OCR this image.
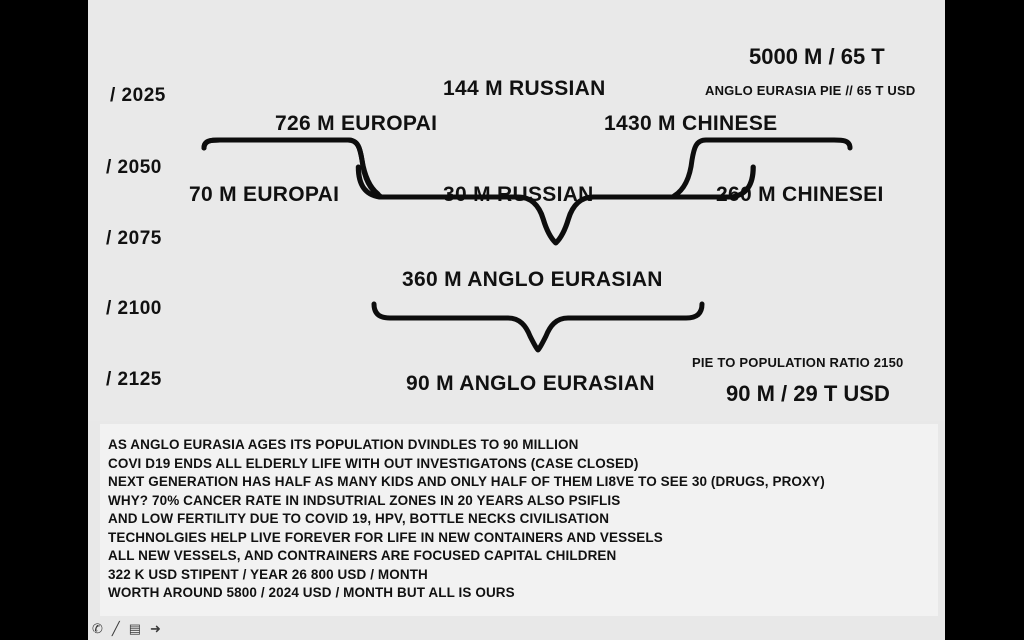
/ 2025
/ 2050
/ 2075
/ 2100
/ 2125
5000 M / 65 T
ANGLO EURASIA PIE // 65 T USD
144 M RUSSIAN
726 M EUROPAI	1430 M CHINESE
70 M EUROPAI	30 M RUSSIAN	260 M CHINESEI
360 M ANGLO EURASIAN
90 M ANGLO EURASIAN
PIE TO POPULATION RATIO 2150
90 M / 29 T USD
AS ANGLO EURASIA AGES ITS POPULATION DVINDLES TO 90 MILLION
COVI D19 ENDS ALL ELDERLY LIFE WITH OUT INVESTIGATONS (CASE CLOSED)
NEXT GENERATION HAS HALF AS MANY KIDS AND ONLY HALF OF THEM LI8VE TO SEE 30 (DRUGS, PROXY)
WHY? 70% CANCER RATE IN INDSUTRIAL ZONES IN 20 YEARS ALSO PSIFLIS
AND LOW FERTILITY DUE TO COVID 19, HPV, BOTTLE NECKS CIVILISATION
TECHNOLGIES HELP LIVE FOREVER FOR LIFE IN NEW CONTAINERS AND VESSELS
ALL NEW VESSELS, AND CONTRAINERS ARE FOCUSED CAPITAL CHILDREN
322 K USD STIPENT / YEAR 26 800 USD / MONTH
WORTH AROUND 5800 / 2024 USD / MONTH BUT ALL IS OURS
✆ ╱ ▤ ➜
